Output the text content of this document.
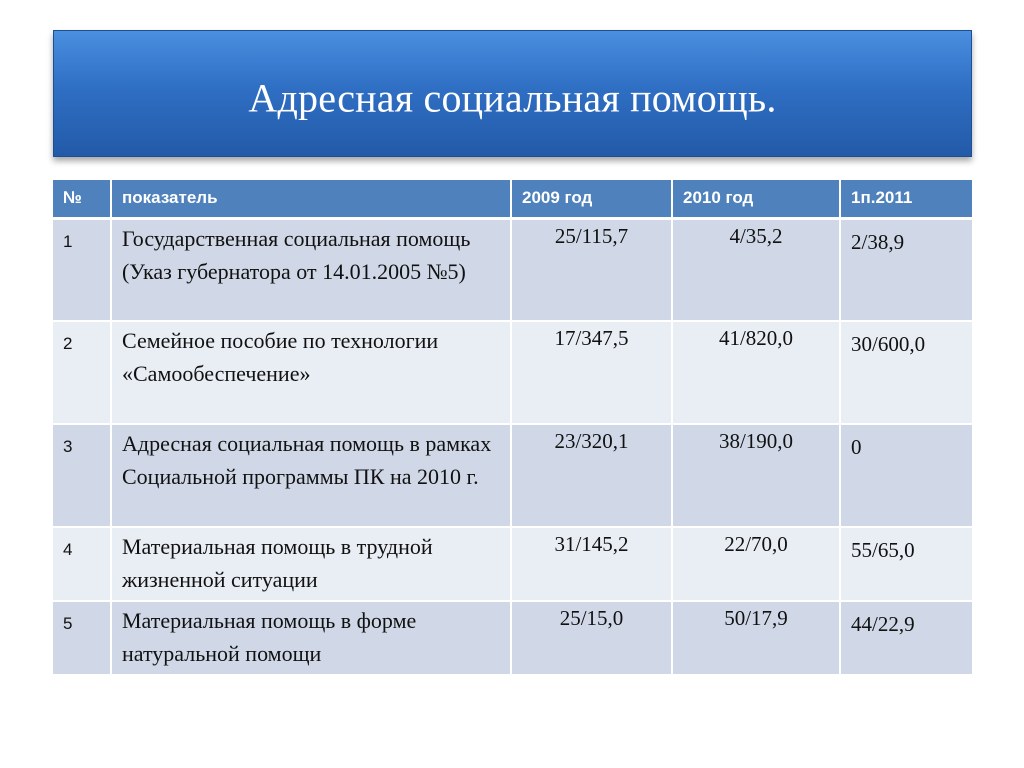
Адресная социальная помощь.
№	показатель	2009 год	2010 год	1п.2011
1	Государственная социальная помощь (Указ губернатора от 14.01.2005 №5)	25/115,7	4/35,2	2/38,9
2	Семейное пособие по технологии «Самообеспечение»	17/347,5	41/820,0	30/600,0
3	Адресная социальная помощь в рамках Социальной программы ПК на 2010 г.	23/320,1	38/190,0	0
4	Материальная помощь в трудной жизненной ситуации	31/145,2	22/70,0	55/65,0
5	Материальная помощь в форме натуральной помощи	25/15,0	50/17,9	44/22,9
